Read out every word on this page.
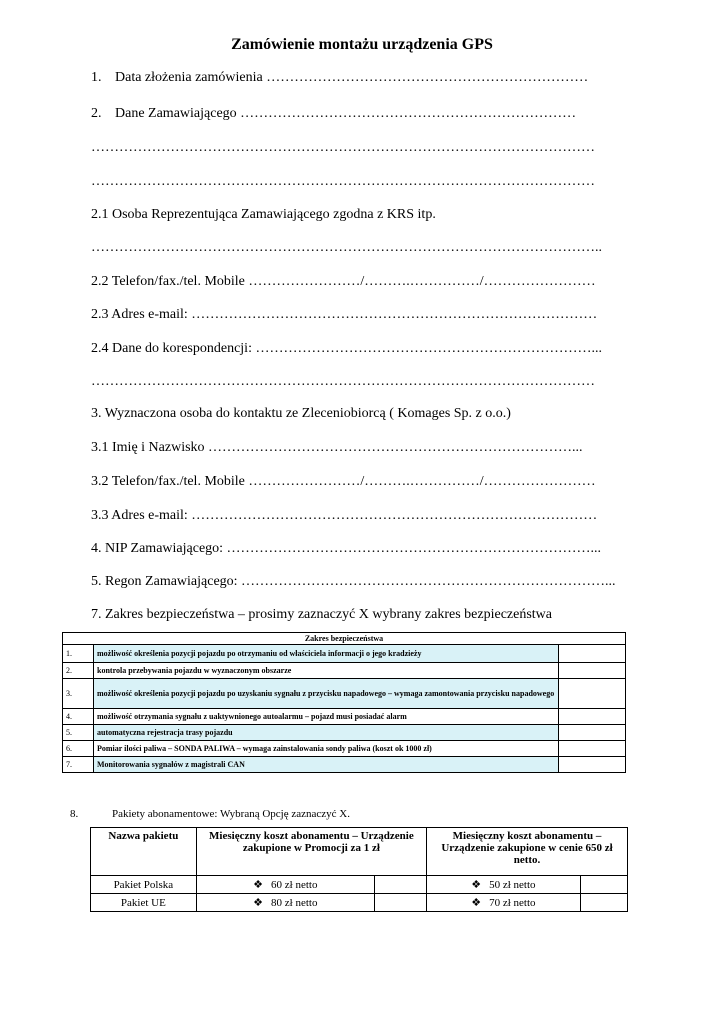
Zamówienie montażu urządzenia GPS
1. Data złożenia zamówienia ……………………………………………………………
2. Dane Zamawiającego ………………………………………………………………
………………………………………………………………………………………………
………………………………………………………………………………………………
2.1 Osoba Reprezentująca Zamawiającego zgodna z KRS itp.
………………………………………………………………………………………………..
2.2 Telefon/fax./tel. Mobile ……………………/……….……………/……………………
2.3 Adres e-mail: ……………………………………………………………………………
2.4 Dane do korespondencji: ………………………………………………………………...
………………………………………………………………………………………………
3. Wyznaczona osoba do kontaktu ze Zleceniobiorcą ( Komages Sp. z o.o.)
3.1 Imię i Nazwisko ……………………………………………………………………...
3.2 Telefon/fax./tel. Mobile ……………………/……….……………/……………………
3.3 Adres e-mail: ……………………………………………………………………………
4. NIP Zamawiającego: ……………………………………………………………………...
5. Regon Zamawiającego: ……………………………………………………………………...
7. Zakres bezpieczeństwa – prosimy zaznaczyć X wybrany zakres bezpieczeństwa
Zakres bezpieczeństwa		
1.	możliwość określenia pozycji pojazdu po otrzymaniu od właściciela informacji o jego kradzieży	
2.	kontrola przebywania pojazdu w wyznaczonym obszarze	
3.	możliwość określenia pozycji pojazdu po uzyskaniu sygnału z przycisku napadowego – wymaga zamontowania przycisku napadowego	
4.	możliwość otrzymania sygnału z uaktywnionego autoalarmu – pojazd musi posiadać alarm	
5.	automatyczna rejestracja trasy pojazdu	
6.	Pomiar ilości paliwa – SONDA PALIWA – wymaga zainstalowania sondy paliwa (koszt ok 1000 zł)	
7.	Monitorowania sygnałów z magistrali CAN	
8.	Pakiety abonamentowe: Wybraną Opcję zaznaczyć X.
Nazwa pakietu	Miesięczny koszt abonamentu – Urządzenie zakupione w Promocji za 1 zł		Miesięczny koszt abonamentu – Urządzenie zakupione w cenie 650 zł netto.	
Pakiet Polska	❖ 60 zł netto		❖ 50 zł netto	
Pakiet UE	❖ 80 zł netto		❖ 70 zł netto	
